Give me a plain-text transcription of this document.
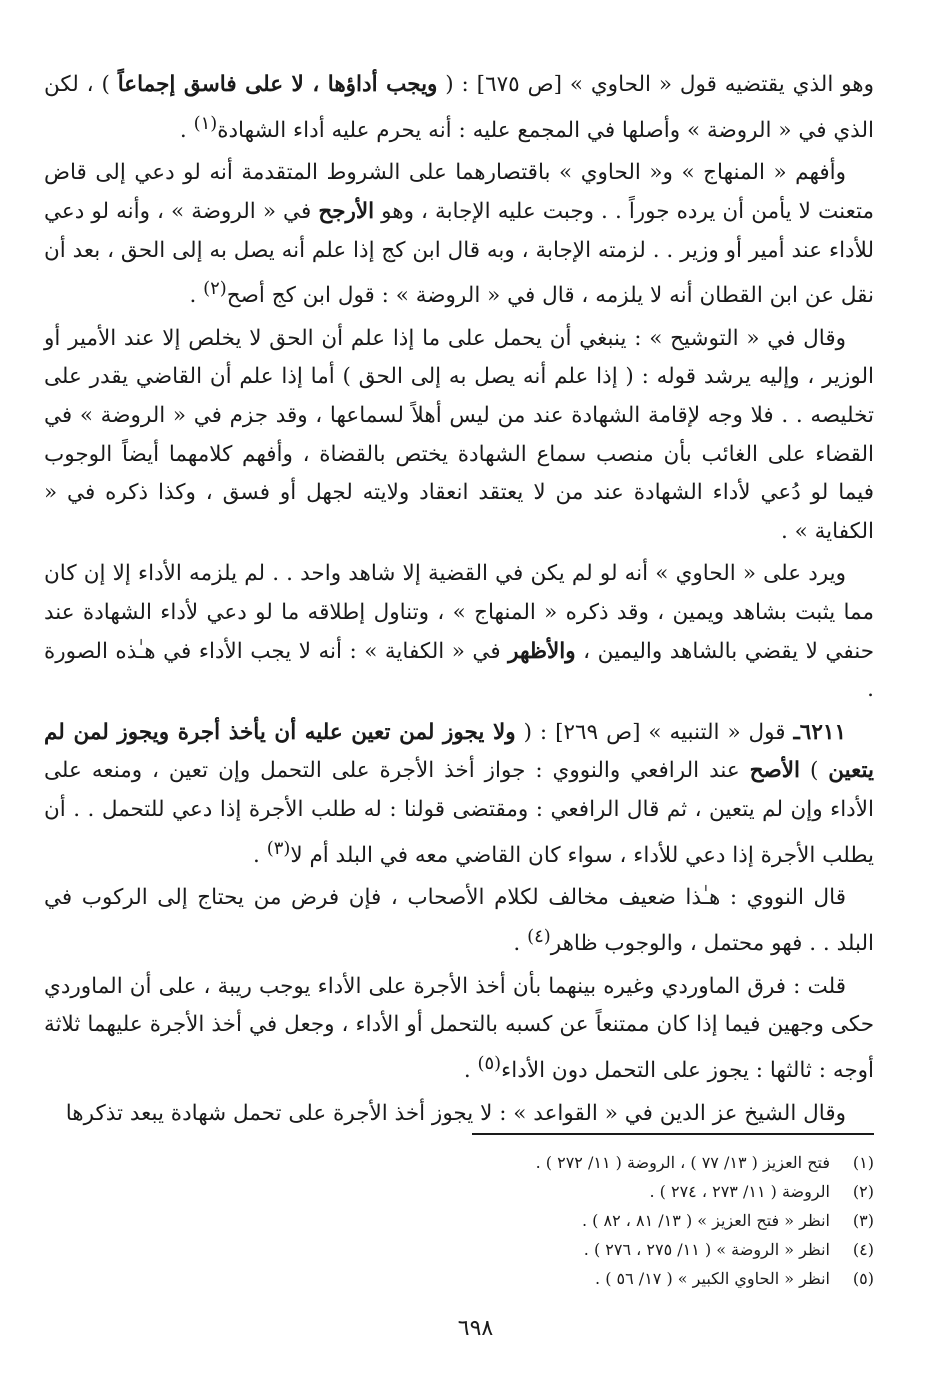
وهو الذي يقتضيه قول « الحاوي » [ص ٦٧٥] : ( ويجب أداؤها ، لا على فاسق إجماعاً ) ، لكن الذي في « الروضة » وأصلها في المجمع عليه : أنه يحرم عليه أداء الشهادة$^{(١)}$ .

وأفهم « المنهاج » و« الحاوي » باقتصارهما على الشروط المتقدمة أنه لو دعي إلى قاض متعنت لا يأمن أن يرده جوراً . . وجبت عليه الإجابة ، وهو الأرجح في « الروضة » ، وأنه لو دعي للأداء عند أمير أو وزير . . لزمته الإجابة ، وبه قال ابن كج إذا علم أنه يصل به إلى الحق ، بعد أن نقل عن ابن القطان أنه لا يلزمه ، قال في « الروضة » : قول ابن كج أصح$^{(٢)}$ .

وقال في « التوشيح » : ينبغي أن يحمل على ما إذا علم أن الحق لا يخلص إلا عند الأمير أو الوزير ، وإليه يرشد قوله : ( إذا علم أنه يصل به إلى الحق ) أما إذا علم أن القاضي يقدر على تخليصه . . فلا وجه لإقامة الشهادة عند من ليس أهلاً لسماعها ، وقد جزم في « الروضة » في القضاء على الغائب بأن منصب سماع الشهادة يختص بالقضاة ، وأفهم كلامهما أيضاً الوجوب فيما لو دُعي لأداء الشهادة عند من لا يعتقد انعقاد ولايته لجهل أو فسق ، وكذا ذكره في « الكفاية » .

ويرد على « الحاوي » أنه لو لم يكن في القضية إلا شاهد واحد . . لم يلزمه الأداء إلا إن كان مما يثبت بشاهد ويمين ، وقد ذكره « المنهاج » ، وتناول إطلاقه ما لو دعي لأداء الشهادة عند حنفي لا يقضي بالشاهد واليمين ، والأظهر في « الكفاية » : أنه لا يجب الأداء في هـٰذه الصورة .

٦٢١١ـ قول « التنبيه » [ص ٢٦٩] : ( ولا يجوز لمن تعين عليه أن يأخذ أجرة ويجوز لمن لم يتعين ) الأصح عند الرافعي والنووي : جواز أخذ الأجرة على التحمل وإن تعين ، ومنعه على الأداء وإن لم يتعين ، ثم قال الرافعي : ومقتضى قولنا : له طلب الأجرة إذا دعي للتحمل . . أن يطلب الأجرة إذا دعي للأداء ، سواء كان القاضي معه في البلد أم لا$^{(٣)}$ .

قال النووي : هـٰذا ضعيف مخالف لكلام الأصحاب ، فإن فرض من يحتاج إلى الركوب في البلد . . فهو محتمل ، والوجوب ظاهر$^{(٤)}$ .

قلت : فرق الماوردي وغيره بينهما بأن أخذ الأجرة على الأداء يوجب ريبة ، على أن الماوردي حكى وجهين فيما إذا كان ممتنعاً عن كسبه بالتحمل أو الأداء ، وجعل في أخذ الأجرة عليهما ثلاثة أوجه : ثالثها : يجوز على التحمل دون الأداء$^{(٥)}$ .

وقال الشيخ عز الدين في « القواعد » : لا يجوز أخذ الأجرة على تحمل شهادة يبعد تذكرها

(١)
فتح العزيز ( ١٣/ ٧٧ ) ، الروضة ( ١١/ ٢٧٢ ) .
(٢)
الروضة ( ١١/ ٢٧٣ ، ٢٧٤ ) .
(٣)
انظر « فتح العزيز » ( ١٣/ ٨١ ، ٨٢ ) .
(٤)
انظر « الروضة » ( ١١/ ٢٧٥ ، ٢٧٦ ) .
(٥)
انظر « الحاوي الكبير » ( ١٧/ ٥٦ ) .
٦٩٨
